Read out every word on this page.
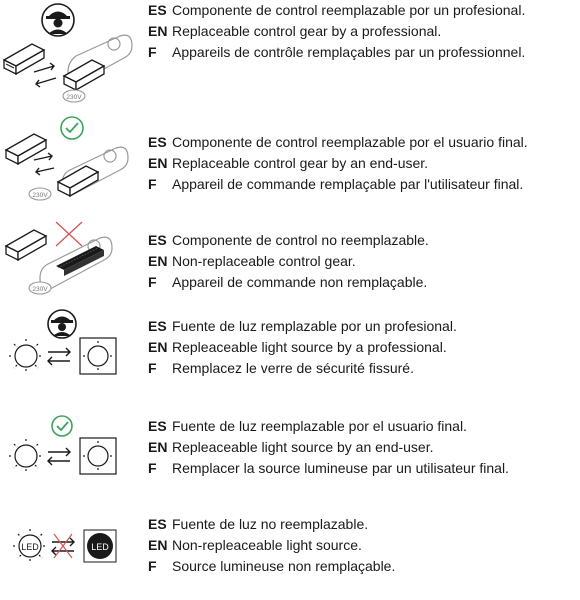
230V
ES Componente de control reemplazable por un profesional.
EN Replaceable control gear by a professional.
F Appareils de contrôle remplaçables par un professionnel.
230V
ES Componente de control reemplazable por el usuario final.
EN Replaceable control gear by an end-user.
F Appareil de commande remplaçable par l'utilisateur final.
230V
ES Componente de control no reemplazable.
EN Non-replaceable control gear.
F Appareil de commande non remplaçable.
ES Fuente de luz remplazable por un profesional.
EN Repleaceable light source by a professional.
F Remplacez le verre de sécurité fissuré.
ES Fuente de luz reemplazable por el usuario final.
EN Repleaceable light source by an end-user.
F Remplacer la source lumineuse par un utilisateur final.
LED	LED
ES Fuente de luz no reemplazable.
EN Non-repleaceable light source.
F Source lumineuse non remplaçable.
